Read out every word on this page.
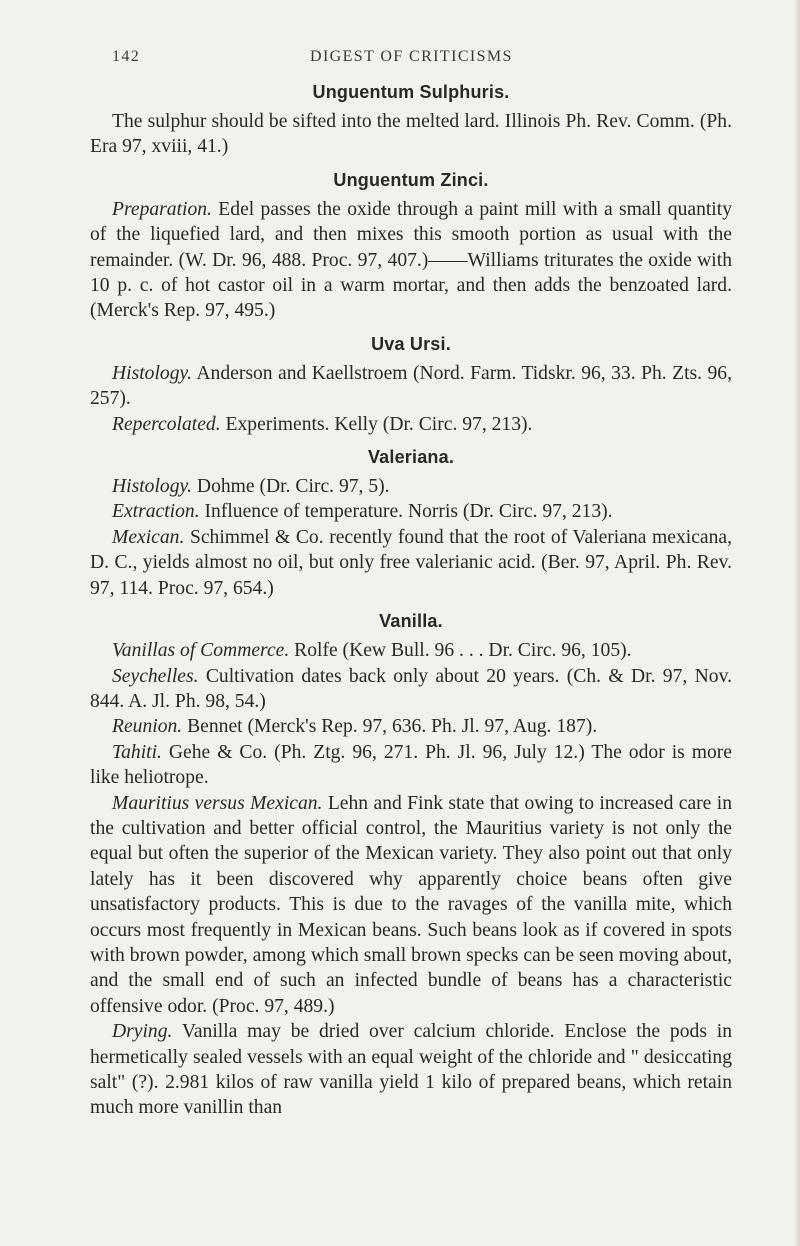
142	DIGEST OF CRITICISMS
Unguentum Sulphuris.

The sulphur should be sifted into the melted lard. Illinois Ph. Rev. Comm. (Ph. Era 97, xviii, 41.)

Unguentum Zinci.

Preparation. Edel passes the oxide through a paint mill with a small quantity of the liquefied lard, and then mixes this smooth portion as usual with the remainder. (W. Dr. 96, 488. Proc. 97, 407.)——Williams triturates the oxide with 10 p. c. of hot castor oil in a warm mortar, and then adds the benzoated lard. (Merck's Rep. 97, 495.)

Uva Ursi.

Histology. Anderson and Kaellstroem (Nord. Farm. Tidskr. 96, 33. Ph. Zts. 96, 257).

Repercolated. Experiments. Kelly (Dr. Circ. 97, 213).

Valeriana.

Histology. Dohme (Dr. Circ. 97, 5).

Extraction. Influence of temperature. Norris (Dr. Circ. 97, 213).

Mexican. Schimmel & Co. recently found that the root of Valeriana mexicana, D. C., yields almost no oil, but only free valerianic acid. (Ber. 97, April. Ph. Rev. 97, 114. Proc. 97, 654.)

Vanilla.

Vanillas of Commerce. Rolfe (Kew Bull. 96 . . . Dr. Circ. 96, 105).

Seychelles. Cultivation dates back only about 20 years. (Ch. & Dr. 97, Nov. 844. A. Jl. Ph. 98, 54.)

Reunion. Bennet (Merck's Rep. 97, 636. Ph. Jl. 97, Aug. 187).

Tahiti. Gehe & Co. (Ph. Ztg. 96, 271. Ph. Jl. 96, July 12.) The odor is more like heliotrope.

Mauritius versus Mexican. Lehn and Fink state that owing to increased care in the cultivation and better official control, the Mauritius variety is not only the equal but often the superior of the Mexican variety. They also point out that only lately has it been discovered why apparently choice beans often give unsatisfactory products. This is due to the ravages of the vanilla mite, which occurs most frequently in Mexican beans. Such beans look as if covered in spots with brown powder, among which small brown specks can be seen moving about, and the small end of such an infected bundle of beans has a characteristic offensive odor. (Proc. 97, 489.)

Drying. Vanilla may be dried over calcium chloride. Enclose the pods in hermetically sealed vessels with an equal weight of the chloride and " desiccating salt" (?). 2.981 kilos of raw vanilla yield 1 kilo of prepared beans, which retain much more vanillin than
